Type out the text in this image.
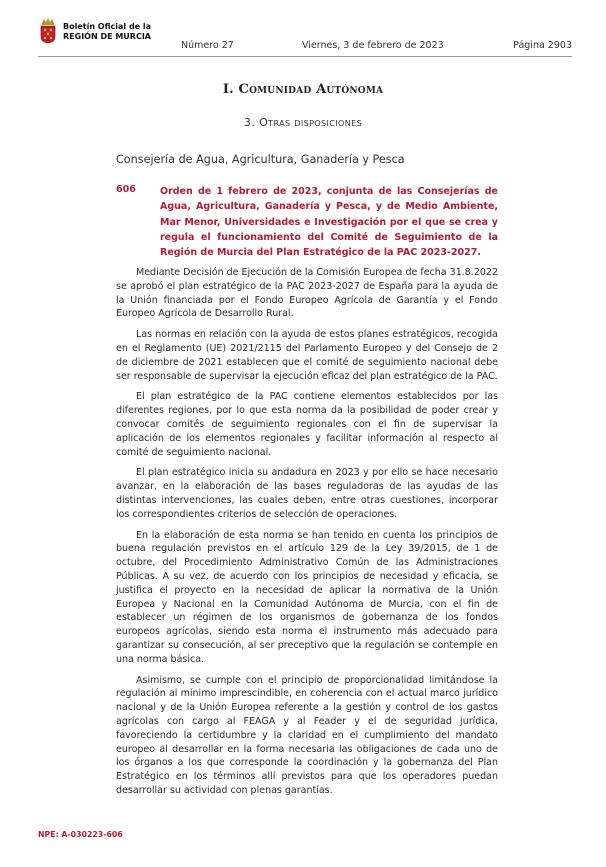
Boletín Oficial de la
REGIÓN DE MURCIA
Número 27	Viernes, 3 de febrero de 2023	Página 2903
I. Comunidad Autónoma
3. Otras disposiciones
Consejería de Agua, Agricultura, Ganadería y Pesca
606	Orden de 1 febrero de 2023, conjunta de las Consejerías de Agua, Agricultura, Ganadería y Pesca, y de Medio Ambiente, Mar Menor, Universidades e Investigación por el que se crea y regula el funcionamiento del Comité de Seguimiento de la Región de Murcia del Plan Estratégico de la PAC 2023-2027.

Mediante Decisión de Ejecución de la Comisión Europea de fecha 31.8.2022 se aprobó el plan estratégico de la PAC 2023-2027 de España para la ayuda de la Unión financiada por el Fondo Europeo Agrícola de Garantía y el Fondo Europeo Agrícola de Desarrollo Rural.

Las normas en relación con la ayuda de estos planes estratégicos, recogida en el Reglamento (UE) 2021/2115 del Parlamento Europeo y del Consejo de 2 de diciembre de 2021 establecen que el comité de seguimiento nacional debe ser responsable de supervisar la ejecución eficaz del plan estratégico de la PAC.

El plan estratégico de la PAC contiene elementos establecidos por las diferentes regiones, por lo que esta norma da la posibilidad de poder crear y convocar comités de seguimiento regionales con el fin de supervisar la aplicación de los elementos regionales y facilitar información al respecto al comité de seguimiento nacional.

El plan estratégico inicia su andadura en 2023 y por ello se hace necesario avanzar, en la elaboración de las bases reguladoras de las ayudas de las distintas intervenciones, las cuales deben, entre otras cuestiones, incorporar los correspondientes criterios de selección de operaciones.

En la elaboración de esta norma se han tenido en cuenta los principios de buena regulación previstos en el artículo 129 de la Ley 39/2015, de 1 de octubre, del Procedimiento Administrativo Común de las Administraciones Públicas. A su vez, de acuerdo con los principios de necesidad y eficacia, se justifica el proyecto en la necesidad de aplicar la normativa de la Unión Europea y Nacional en la Comunidad Autónoma de Murcia, con el fin de establecer un régimen de los organismos de gobernanza de los fondos europeos agrícolas, siendo esta norma el instrumento más adecuado para garantizar su consecución, al ser preceptivo que la regulación se contemple en una norma básica.

Asimismo, se cumple con el principio de proporcionalidad limitándose la regulación al mínimo imprescindible, en coherencia con el actual marco jurídico nacional y de la Unión Europea referente a la gestión y control de los gastos agrícolas con cargo al FEAGA y al Feader y el de seguridad jurídica, favoreciendo la certidumbre y la claridad en el cumplimiento del mandato europeo al desarrollar en la forma necesaria las obligaciones de cada uno de los órganos a los que corresponde la coordinación y la gobernanza del Plan Estratégico en los términos allí previstos para que los operadores puedan desarrollar su actividad con plenas garantías.

NPE: A-030223-606
